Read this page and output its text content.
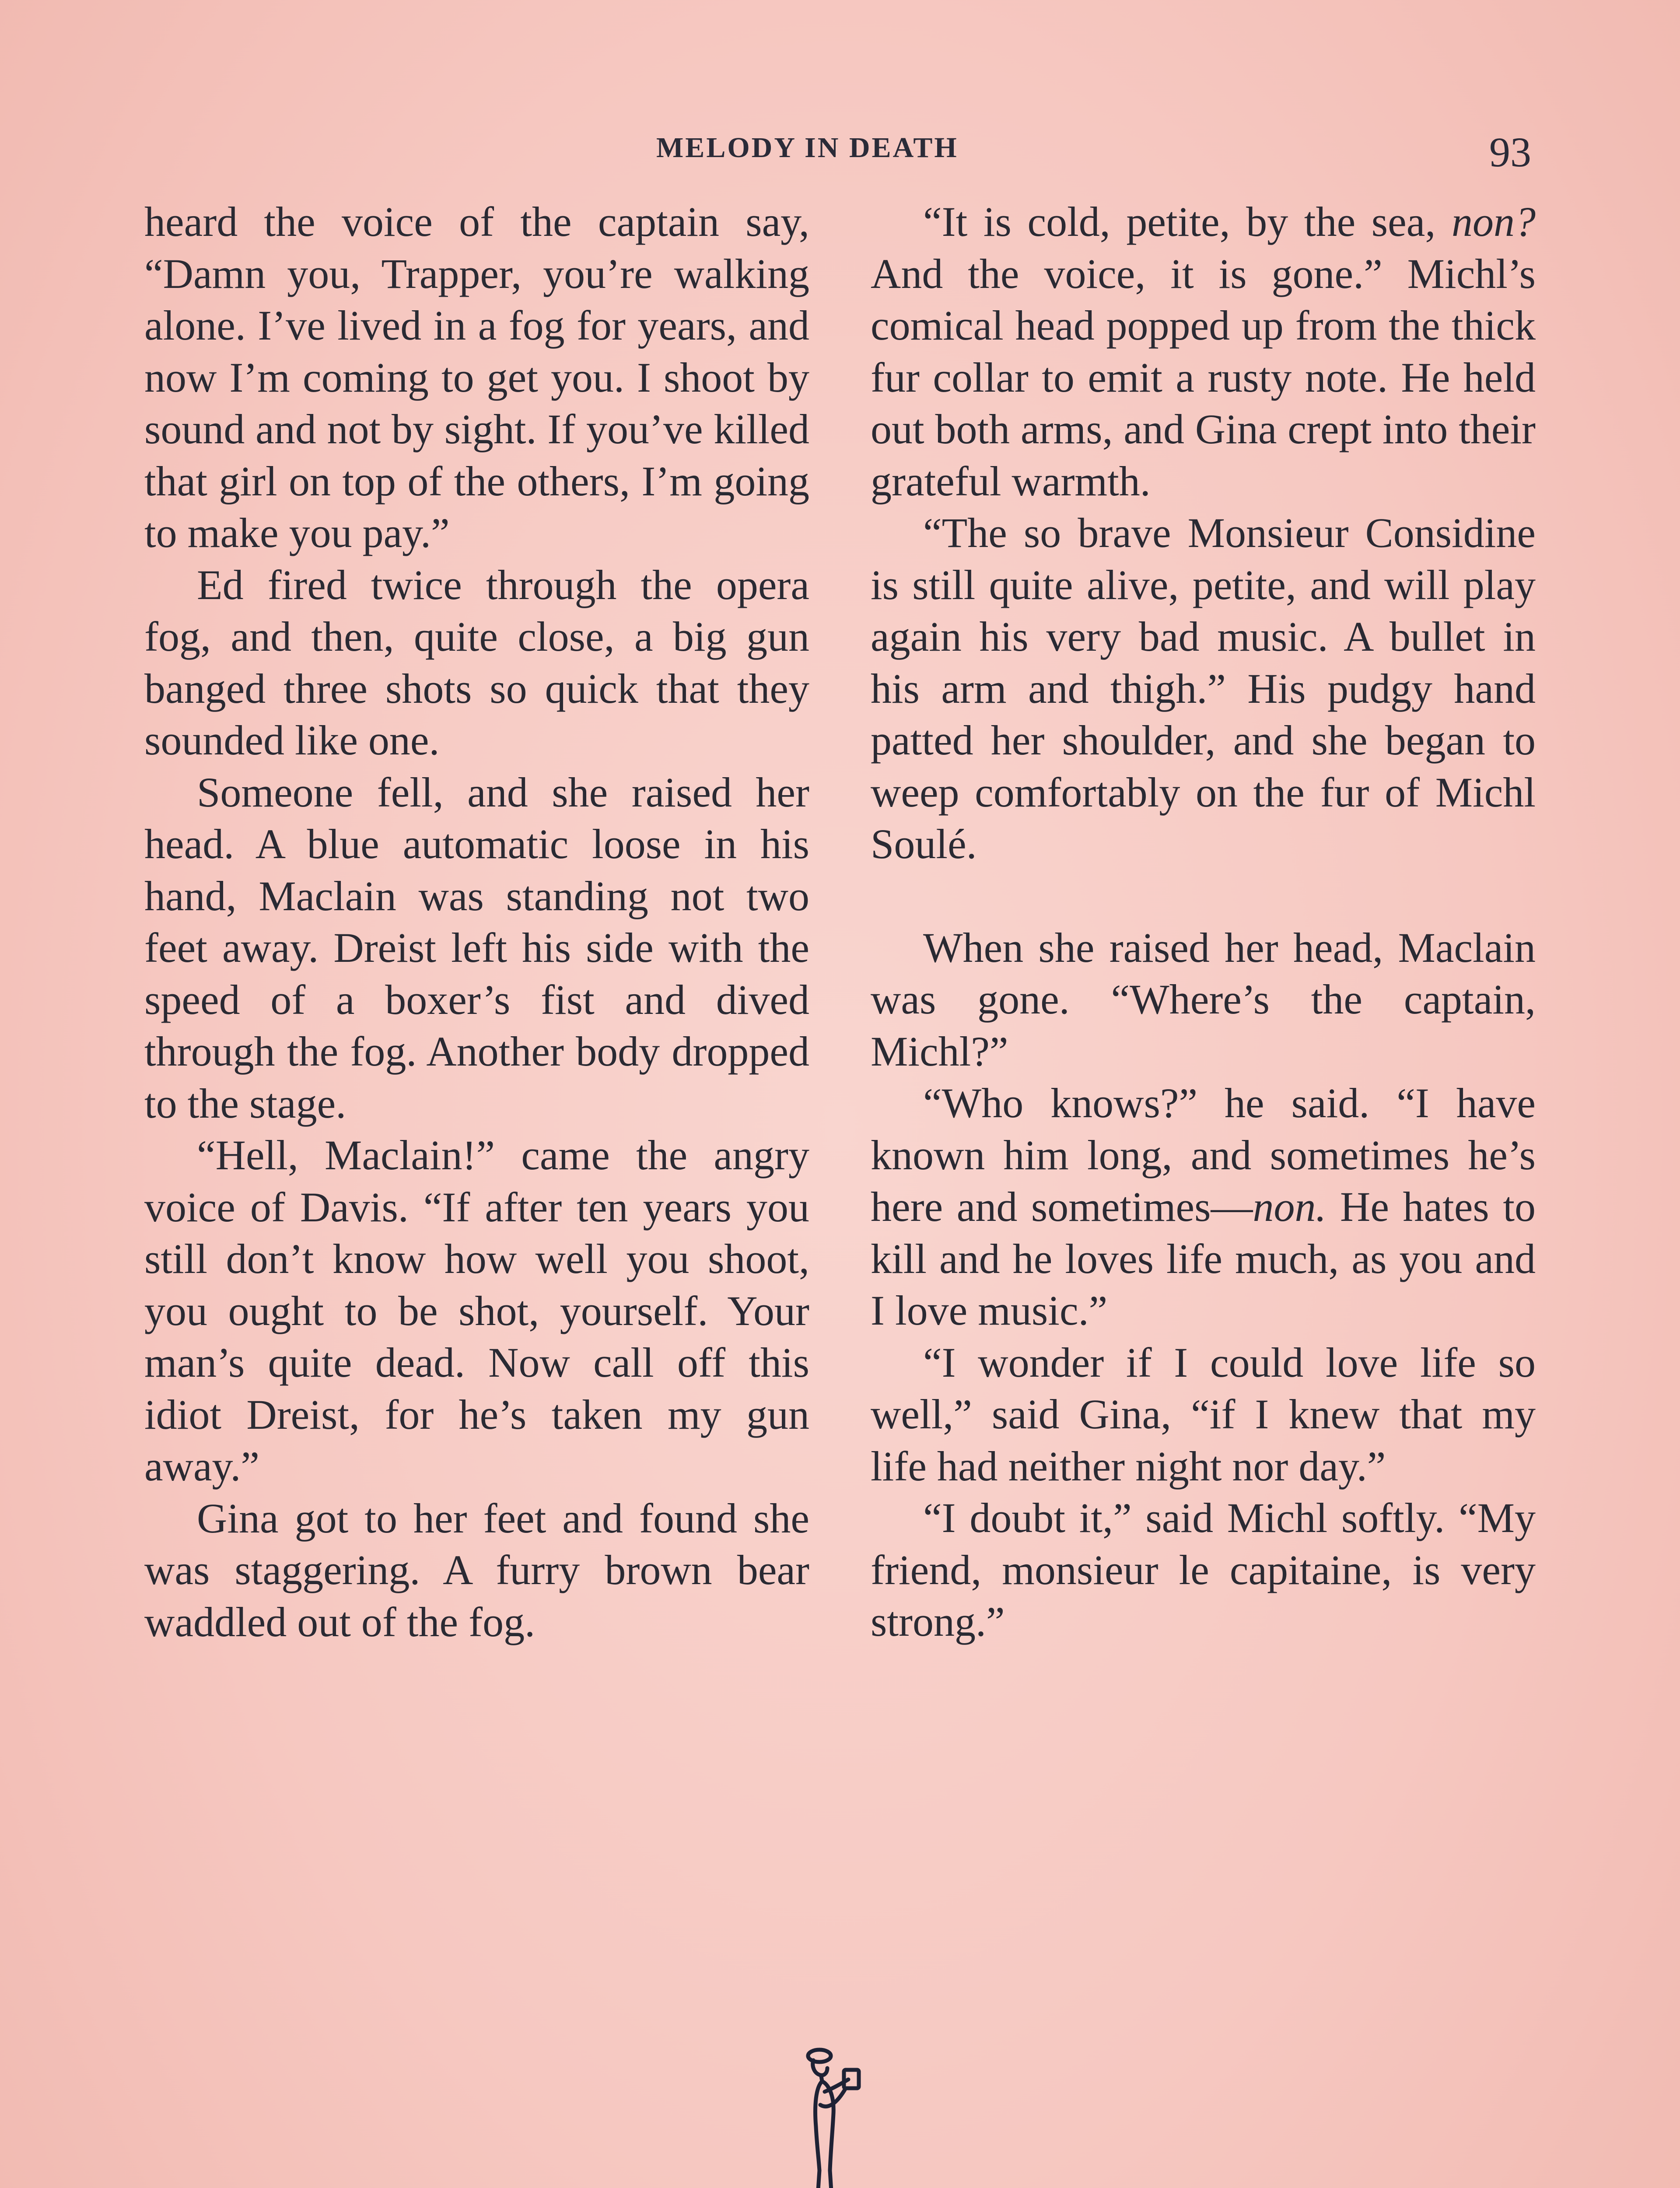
MELODY IN DEATH	93

heard the voice of the captain say, “Damn you, Trapper, you’re walking alone. I’ve lived in a fog for years, and now I’m coming to get you. I shoot by sound and not by sight. If you’ve killed that girl on top of the others, I’m going to make you pay.”

Ed fired twice through the opera fog, and then, quite close, a big gun banged three shots so quick that they sounded like one.

Someone fell, and she raised her head. A blue automatic loose in his hand, Maclain was standing not two feet away. Dreist left his side with the speed of a boxer’s fist and dived through the fog. Another body dropped to the stage.

“Hell, Maclain!” came the angry voice of Davis. “If after ten years you still don’t know how well you shoot, you ought to be shot, yourself. Your man’s quite dead. Now call off this idiot Dreist, for he’s taken my gun away.”

Gina got to her feet and found she was staggering. A furry brown bear waddled out of the fog.

“It is cold, petite, by the sea, non? And the voice, it is gone.” Michl’s comical head popped up from the thick fur collar to emit a rusty note. He held out both arms, and Gina crept into their grateful warmth.

“The so brave Monsieur Considine is still quite alive, petite, and will play again his very bad music. A bullet in his arm and thigh.” His pudgy hand patted her shoulder, and she began to weep comfortably on the fur of Michl Soulé.

When she raised her head, Maclain was gone. “Where’s the captain, Michl?”

“Who knows?” he said. “I have known him long, and sometimes he’s here and sometimes—non. He hates to kill and he loves life much, as you and I love music.”

“I wonder if I could love life so well,” said Gina, “if I knew that my life had neither night nor day.”

“I doubt it,” said Michl softly. “My friend, monsieur le capitaine, is very strong.”
